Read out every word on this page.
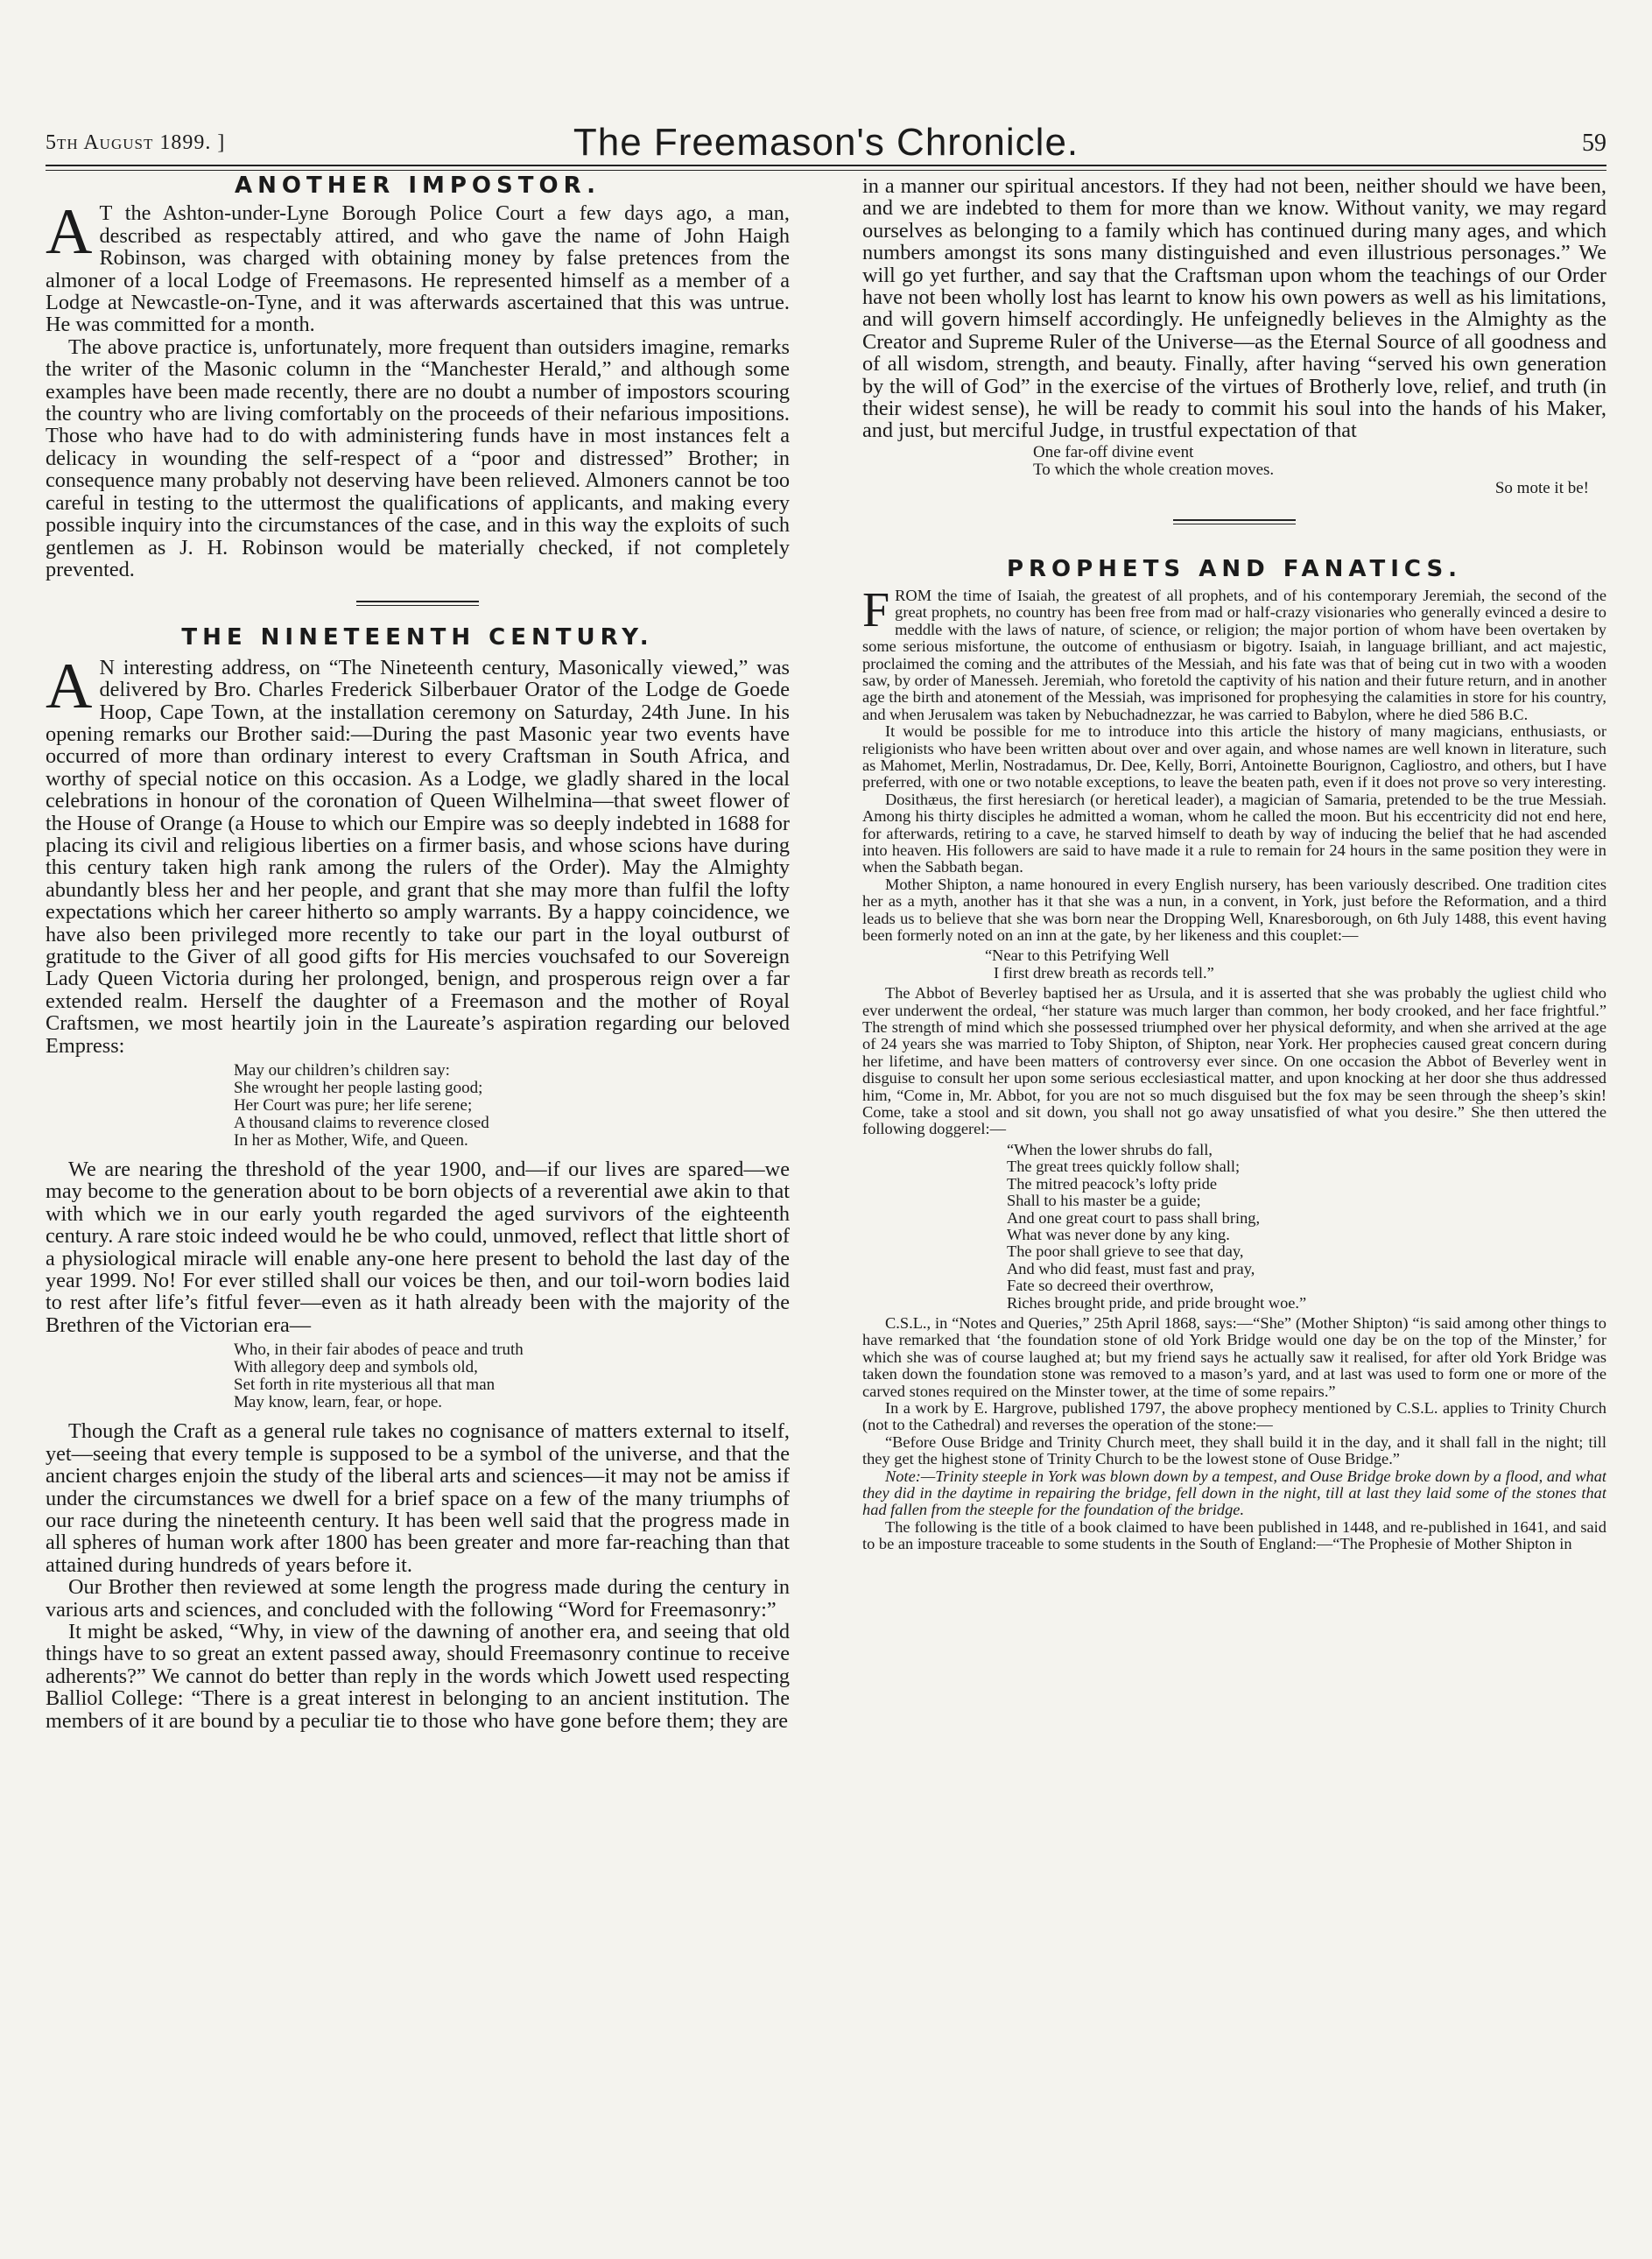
5th August 1899. ]	The Freemason's Chronicle.	59
ANOTHER IMPOSTOR.

A T the Ashton-under-Lyne Borough Police Court a few days ago, a man, described as respectably attired, and who gave the name of John Haigh Robinson, was charged with obtaining money by false pretences from the almoner of a local Lodge of Freemasons. He represented himself as a member of a Lodge at Newcastle-on-Tyne, and it was afterwards ascertained that this was untrue. He was committed for a month.

The above practice is, unfortunately, more frequent than outsiders imagine, remarks the writer of the Masonic column in the “Manchester Herald,” and although some examples have been made recently, there are no doubt a number of impostors scouring the country who are living comfortably on the proceeds of their nefarious impositions. Those who have had to do with administering funds have in most instances felt a delicacy in wounding the self-respect of a “poor and distressed” Brother; in consequence many probably not deserving have been relieved. Almoners cannot be too careful in testing to the uttermost the qualifications of applicants, and making every possible inquiry into the circumstances of the case, and in this way the exploits of such gentlemen as J. H. Robinson would be materially checked, if not completely prevented.

THE NINETEENTH CENTURY.

A N interesting address, on “The Nineteenth century, Masonically viewed,” was delivered by Bro. Charles Frederick Silberbauer Orator of the Lodge de Goede Hoop, Cape Town, at the installation ceremony on Saturday, 24th June. In his opening remarks our Brother said:—During the past Masonic year two events have occurred of more than ordinary interest to every Craftsman in South Africa, and worthy of special notice on this occasion. As a Lodge, we gladly shared in the local celebrations in honour of the coronation of Queen Wilhelmina—that sweet flower of the House of Orange (a House to which our Empire was so deeply indebted in 1688 for placing its civil and religious liberties on a firmer basis, and whose scions have during this century taken high rank among the rulers of the Order). May the Almighty abundantly bless her and her people, and grant that she may more than fulfil the lofty expectations which her career hitherto so amply warrants. By a happy coincidence, we have also been privileged more recently to take our part in the loyal outburst of gratitude to the Giver of all good gifts for His mercies vouchsafed to our Sovereign Lady Queen Victoria during her prolonged, benign, and prosperous reign over a far extended realm. Herself the daughter of a Freemason and the mother of Royal Craftsmen, we most heartily join in the Laureate’s aspiration regarding our beloved Empress:

May our children’s children say:
She wrought her people lasting good;
Her Court was pure; her life serene;
A thousand claims to reverence closed
In her as Mother, Wife, and Queen.

We are nearing the threshold of the year 1900, and—if our lives are spared—we may become to the generation about to be born objects of a reverential awe akin to that with which we in our early youth regarded the aged survivors of the eighteenth century. A rare stoic indeed would he be who could, unmoved, reflect that little short of a physiological miracle will enable any-one here present to behold the last day of the year 1999. No! For ever stilled shall our voices be then, and our toil-worn bodies laid to rest after life’s fitful fever—even as it hath already been with the majority of the Brethren of the Victorian era—

Who, in their fair abodes of peace and truth
With allegory deep and symbols old,
Set forth in rite mysterious all that man
May know, learn, fear, or hope.

Though the Craft as a general rule takes no cognisance of matters external to itself, yet—seeing that every temple is supposed to be a symbol of the universe, and that the ancient charges enjoin the study of the liberal arts and sciences—it may not be amiss if under the circumstances we dwell for a brief space on a few of the many triumphs of our race during the nineteenth century. It has been well said that the progress made in all spheres of human work after 1800 has been greater and more far-reaching than that attained during hundreds of years before it.

Our Brother then reviewed at some length the progress made during the century in various arts and sciences, and concluded with the following “Word for Freemasonry:”

It might be asked, “Why, in view of the dawning of another era, and seeing that old things have to so great an extent passed away, should Freemasonry continue to receive adherents?” We cannot do better than reply in the words which Jowett used respecting Balliol College: “There is a great interest in belonging to an ancient institution. The members of it are bound by a peculiar tie to those who have gone before them; they are

in a manner our spiritual ancestors. If they had not been, neither should we have been, and we are indebted to them for more than we know. Without vanity, we may regard ourselves as belonging to a family which has continued during many ages, and which numbers amongst its sons many distinguished and even illustrious personages.” We will go yet further, and say that the Craftsman upon whom the teachings of our Order have not been wholly lost has learnt to know his own powers as well as his limitations, and will govern himself accordingly. He unfeignedly believes in the Almighty as the Creator and Supreme Ruler of the Universe—as the Eternal Source of all goodness and of all wisdom, strength, and beauty. Finally, after having “served his own generation by the will of God” in the exercise of the virtues of Brotherly love, relief, and truth (in their widest sense), he will be ready to commit his soul into the hands of his Maker, and just, but merciful Judge, in trustful expectation of that

One far-off divine event
To which the whole creation moves.
So mote it be!
PROPHETS AND FANATICS.

FROM the time of Isaiah, the greatest of all prophets, and of his contemporary Jeremiah, the second of the great prophets, no country has been free from mad or half-crazy visionaries who generally evinced a desire to meddle with the laws of nature, of science, or religion; the major portion of whom have been overtaken by some serious misfortune, the outcome of enthusiasm or bigotry. Isaiah, in language brilliant, and act majestic, proclaimed the coming and the attributes of the Messiah, and his fate was that of being cut in two with a wooden saw, by order of Manesseh. Jeremiah, who foretold the captivity of his nation and their future return, and in another age the birth and atonement of the Messiah, was imprisoned for prophesying the calamities in store for his country, and when Jerusalem was taken by Nebuchadnezzar, he was carried to Babylon, where he died 586 B.C.

It would be possible for me to introduce into this article the history of many magicians, enthusiasts, or religionists who have been written about over and over again, and whose names are well known in literature, such as Mahomet, Merlin, Nostradamus, Dr. Dee, Kelly, Borri, Antoinette Bourignon, Cagliostro, and others, but I have preferred, with one or two notable exceptions, to leave the beaten path, even if it does not prove so very interesting.

Dosithæus, the first heresiarch (or heretical leader), a magician of Samaria, pretended to be the true Messiah. Among his thirty disciples he admitted a woman, whom he called the moon. But his eccentricity did not end here, for afterwards, retiring to a cave, he starved himself to death by way of inducing the belief that he had ascended into heaven. His followers are said to have made it a rule to remain for 24 hours in the same position they were in when the Sabbath began.

Mother Shipton, a name honoured in every English nursery, has been variously described. One tradition cites her as a myth, another has it that she was a nun, in a convent, in York, just before the Reformation, and a third leads us to believe that she was born near the Dropping Well, Knaresborough, on 6th July 1488, this event having been formerly noted on an inn at the gate, by her likeness and this couplet:—

“Near to this Petrifying Well
I first drew breath as records tell.”

The Abbot of Beverley baptised her as Ursula, and it is asserted that she was probably the ugliest child who ever underwent the ordeal, “her stature was much larger than common, her body crooked, and her face frightful.” The strength of mind which she possessed triumphed over her physical deformity, and when she arrived at the age of 24 years she was married to Toby Shipton, of Shipton, near York. Her prophecies caused great concern during her lifetime, and have been matters of controversy ever since. On one occasion the Abbot of Beverley went in disguise to consult her upon some serious ecclesiastical matter, and upon knocking at her door she thus addressed him, “Come in, Mr. Abbot, for you are not so much disguised but the fox may be seen through the sheep’s skin! Come, take a stool and sit down, you shall not go away unsatisfied of what you desire.” She then uttered the following doggerel:—

“When the lower shrubs do fall,
The great trees quickly follow shall;
The mitred peacock’s lofty pride
Shall to his master be a guide;
And one great court to pass shall bring,
What was never done by any king.
The poor shall grieve to see that day,
And who did feast, must fast and pray,
Fate so decreed their overthrow,
Riches brought pride, and pride brought woe.”

C.S.L., in “Notes and Queries,” 25th April 1868, says:—“She” (Mother Shipton) “is said among other things to have remarked that ‘the foundation stone of old York Bridge would one day be on the top of the Minster,’ for which she was of course laughed at; but my friend says he actually saw it realised, for after old York Bridge was taken down the foundation stone was removed to a mason’s yard, and at last was used to form one or more of the carved stones required on the Minster tower, at the time of some repairs.”

In a work by E. Hargrove, published 1797, the above prophecy mentioned by C.S.L. applies to Trinity Church (not to the Cathedral) and reverses the operation of the stone:—

“Before Ouse Bridge and Trinity Church meet, they shall build it in the day, and it shall fall in the night; till they get the highest stone of Trinity Church to be the lowest stone of Ouse Bridge.”

Note:—Trinity steeple in York was blown down by a tempest, and Ouse Bridge broke down by a flood, and what they did in the daytime in repairing the bridge, fell down in the night, till at last they laid some of the stones that had fallen from the steeple for the foundation of the bridge.

The following is the title of a book claimed to have been published in 1448, and re-published in 1641, and said to be an imposture traceable to some students in the South of England:—“The Prophesie of Mother Shipton in
